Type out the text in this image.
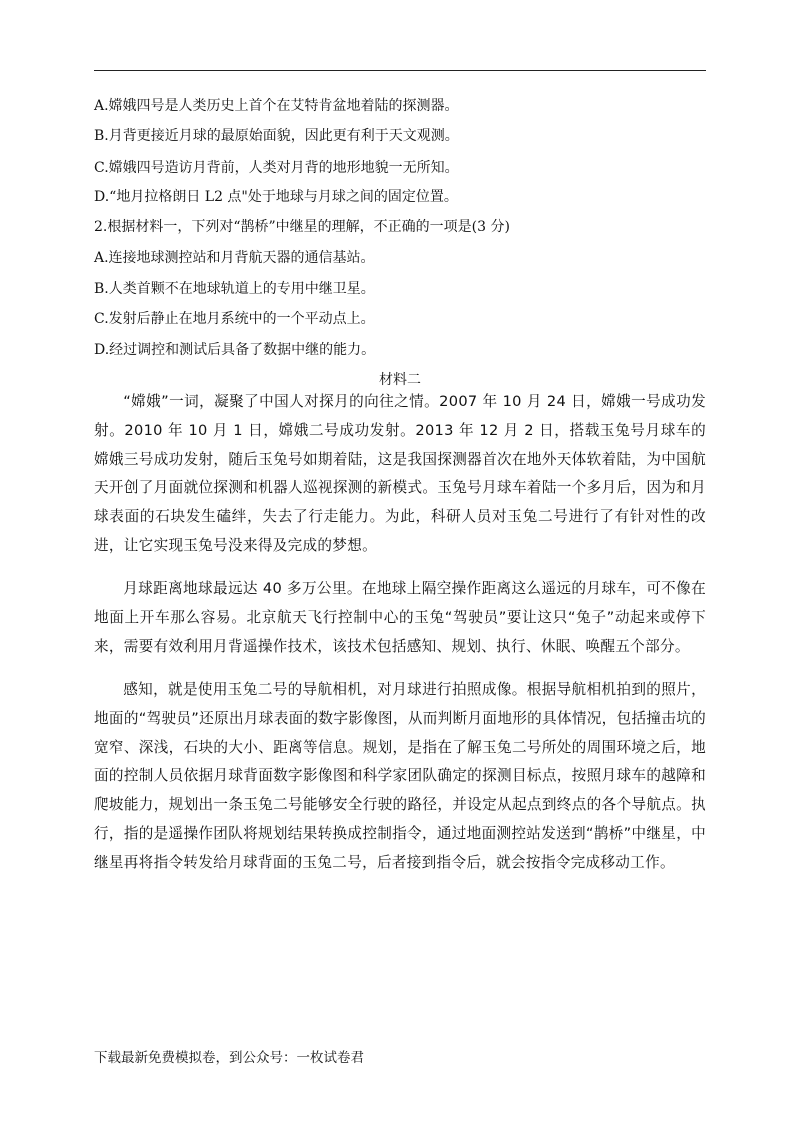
A.嫦娥四号是人类历史上首个在艾特肯盆地着陆的探测器。
B.月背更接近月球的最原始面貌，因此更有利于天文观测。
C.嫦娥四号造访月背前，人类对月背的地形地貌一无所知。
D.“地月拉格朗日 L2 点"处于地球与月球之间的固定位置。
2.根据材料一，下列对“鹊桥”中继星的理解，不正确的一项是(3 分)
A.连接地球测控站和月背航天器的通信基站。
B.人类首颗不在地球轨道上的专用中继卫星。
C.发射后静止在地月系统中的一个平动点上。
D.经过调控和测试后具备了数据中继的能力。
材料二
“嫦娥”一词，凝聚了中国人对探月的向往之情。2007 年 10 月 24 日，嫦娥一号成功发射。2010 年 10 月 1 日，嫦娥二号成功发射。2013 年 12 月 2 日，搭载玉兔号月球车的嫦娥三号成功发射，随后玉兔号如期着陆，这是我国探测器首次在地外天体软着陆，为中国航天开创了月面就位探测和机器人巡视探测的新模式。玉兔号月球车着陆一个多月后，因为和月球表面的石块发生磕绊，失去了行走能力。为此，科研人员对玉兔二号进行了有针对性的改进，让它实现玉兔号没来得及完成的梦想。
月球距离地球最远达 40 多万公里。在地球上隔空操作距离这么遥远的月球车，可不像在地面上开车那么容易。北京航天飞行控制中心的玉兔“驾驶员”要让这只“兔子”动起来或停下来，需要有效利用月背遥操作技术，该技术包括感知、规划、执行、休眠、唤醒五个部分。
感知，就是使用玉兔二号的导航相机，对月球进行拍照成像。根据导航相机拍到的照片，地面的“驾驶员”还原出月球表面的数字影像图，从而判断月面地形的具体情况，包括撞击坑的宽窄、深浅，石块的大小、距离等信息。规划，是指在了解玉兔二号所处的周围环境之后，地面的控制人员依据月球背面数字影像图和科学家团队确定的探测目标点，按照月球车的越障和爬坡能力，规划出一条玉兔二号能够安全行驶的路径，并设定从起点到终点的各个导航点。执行，指的是遥操作团队将规划结果转换成控制指令，通过地面测控站发送到“鹊桥”中继星，中继星再将指令转发给月球背面的玉兔二号，后者接到指令后，就会按指令完成移动工作。
下载最新免费模拟卷，到公众号：一枚试卷君
